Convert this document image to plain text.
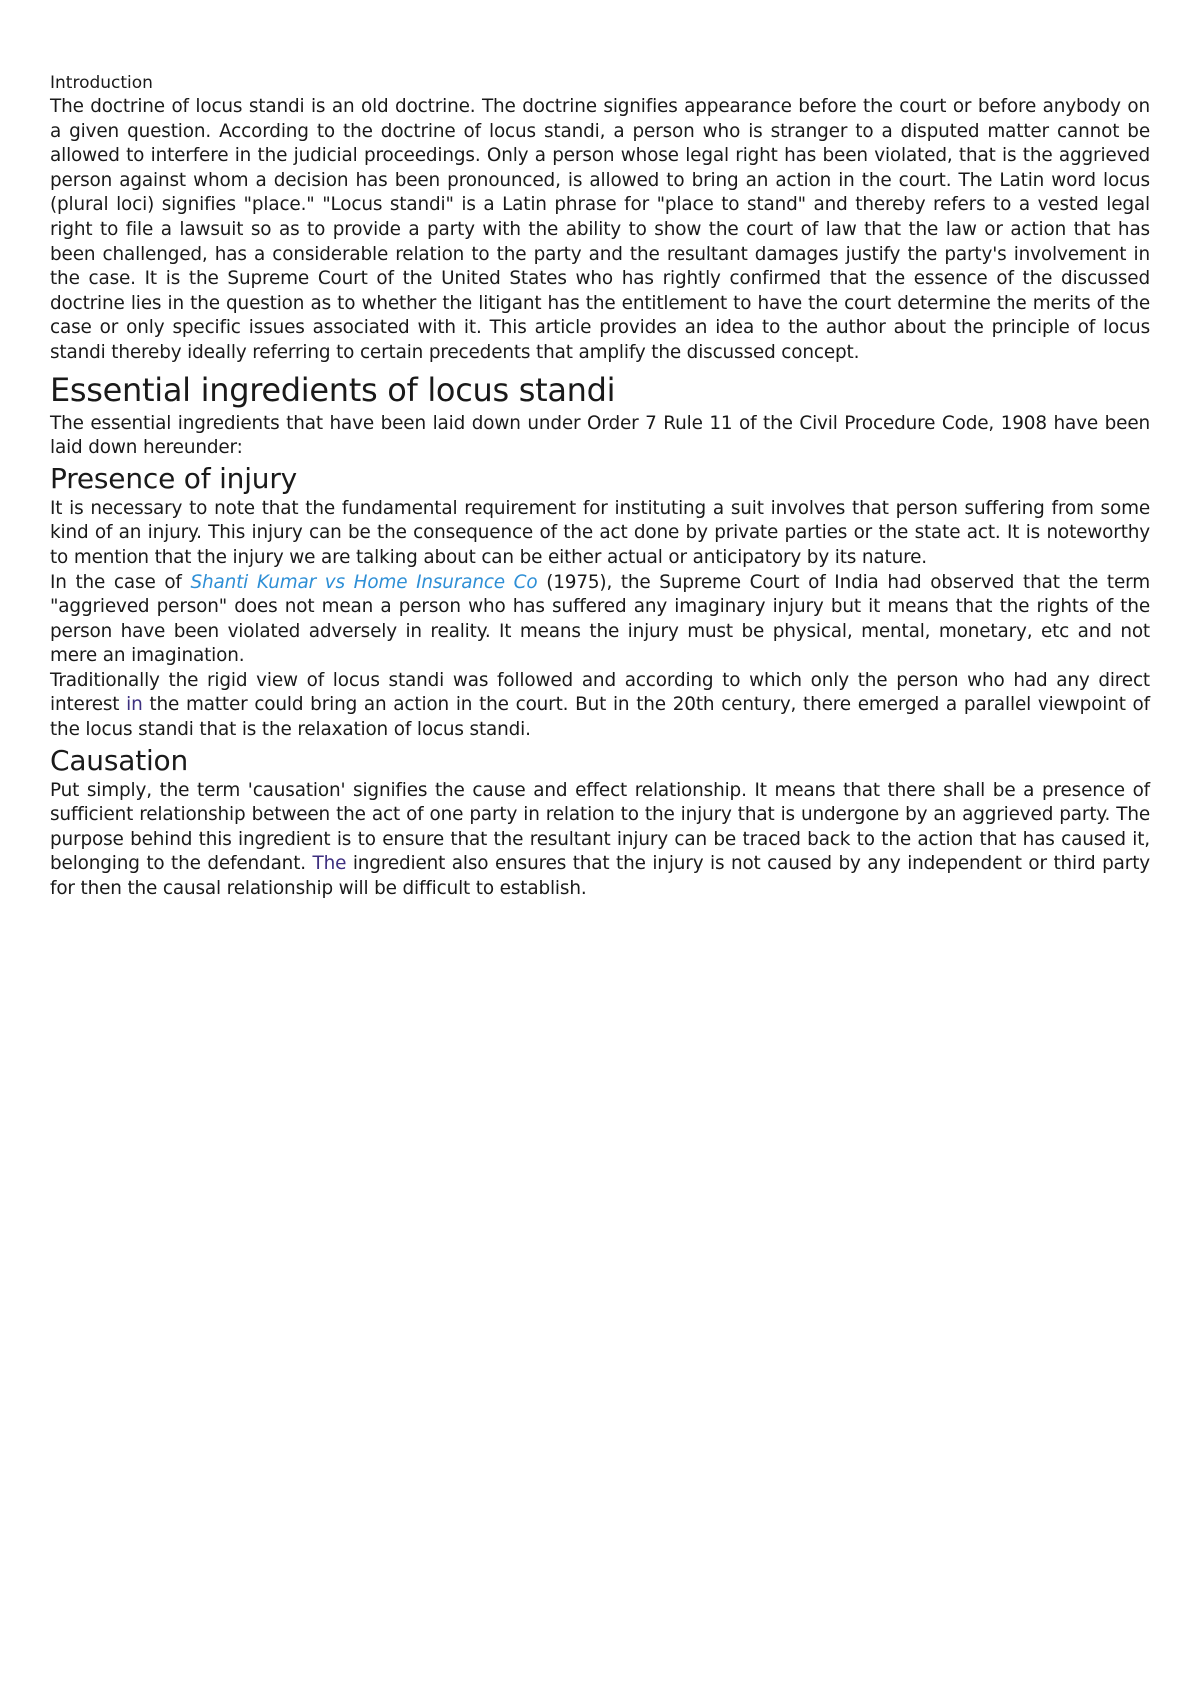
Introduction

The doctrine of locus standi is an old doctrine. The doctrine signifies appearance before the court or before anybody on a given question. According to the doctrine of locus standi, a person who is stranger to a disputed matter cannot be allowed to interfere in the judicial proceedings. Only a person whose legal right has been violated, that is the aggrieved person against whom a decision has been pronounced, is allowed to bring an action in the court. The Latin word locus (plural loci) signifies "place." "Locus standi" is a Latin phrase for "place to stand" and thereby refers to a vested legal right to file a lawsuit so as to provide a party with the ability to show the court of law that the law or action that has been challenged, has a considerable relation to the party and the resultant damages justify the party's involvement in the case. It is the Supreme Court of the United States who has rightly confirmed that the essence of the discussed doctrine lies in the question as to whether the litigant has the entitlement to have the court determine the merits of the case or only specific issues associated with it. This article provides an idea to the author about the principle of locus standi thereby ideally referring to certain precedents that amplify the discussed concept.

Essential ingredients of locus standi

The essential ingredients that have been laid down under Order 7 Rule 11 of the Civil Procedure Code, 1908 have been laid down hereunder:

Presence of injury

It is necessary to note that the fundamental requirement for instituting a suit involves that person suffering from some kind of an injury. This injury can be the consequence of the act done by private parties or the state act. It is noteworthy to mention that the injury we are talking about can be either actual or anticipatory by its nature.

In the case of Shanti Kumar vs Home Insurance Co (1975), the Supreme Court of India had observed that the term "aggrieved person" does not mean a person who has suffered any imaginary injury but it means that the rights of the person have been violated adversely in reality. It means the injury must be physical, mental, monetary, etc and not mere an imagination.

Traditionally the rigid view of locus standi was followed and according to which only the person who had any direct interest in the matter could bring an action in the court. But in the 20th century, there emerged a parallel viewpoint of the locus standi that is the relaxation of locus standi.

Causation

Put simply, the term 'causation' signifies the cause and effect relationship. It means that there shall be a presence of sufficient relationship between the act of one party in relation to the injury that is undergone by an aggrieved party. The purpose behind this ingredient is to ensure that the resultant injury can be traced back to the action that has caused it, belonging to the defendant. The ingredient also ensures that the injury is not caused by any independent or third party for then the causal relationship will be difficult to establish.
